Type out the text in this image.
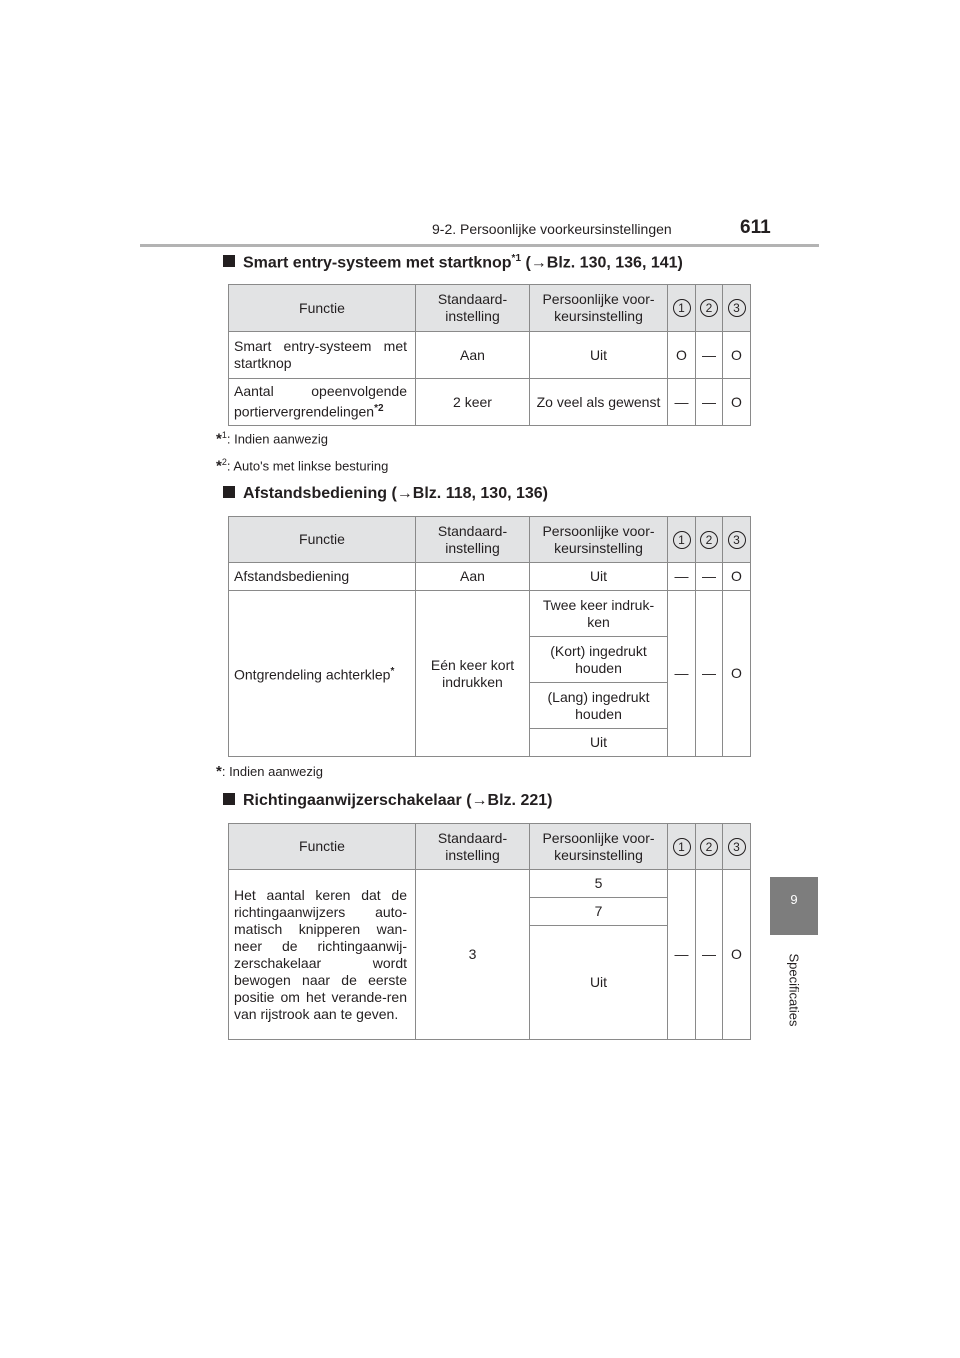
9-2. Persoonlijke voorkeursinstellingen	611
9
Specificaties
Smart entry-systeem met startknop$^{*1}$ (→Blz. 130, 136, 141)
Functie	Standaard-instelling	Persoonlijke voor-keursinstelling	1	2	3
Smart entry-systeem met startknop	Aan	Uit	O	—	O
Aantal opeenvolgende portiervergrendelingen$^{*2}$	2 keer	Zo veel als gewenst	—	—	O
*$^1$: Indien aanwezig
*$^2$: Auto's met linkse besturing
Afstandsbediening (→Blz. 118, 130, 136)
Functie	Standaard-instelling	Persoonlijke voor-keursinstelling	1	2	3
Afstandsbediening	Aan	Uit	—	—	O
Ontgrendeling achterklep*	Eén keer kort indrukken	Twee keer indruk-ken	—	—	O
		(Kort) ingedrukt houden			
		(Lang) ingedrukt houden			
		Uit			
*: Indien aanwezig
Richtingaanwijzerschakelaar (→Blz. 221)
Functie	Standaard-instelling	Persoonlijke voor-keursinstelling	1	2	3
Het aantal keren dat de richtingaanwijzers auto-matisch knipperen wan-neer de richtingaanwij-zerschakelaar wordt bewogen naar de eerste positie om het verande-ren van rijstrook aan te geven.	3	5	—	—	O
		7			
		Uit			
